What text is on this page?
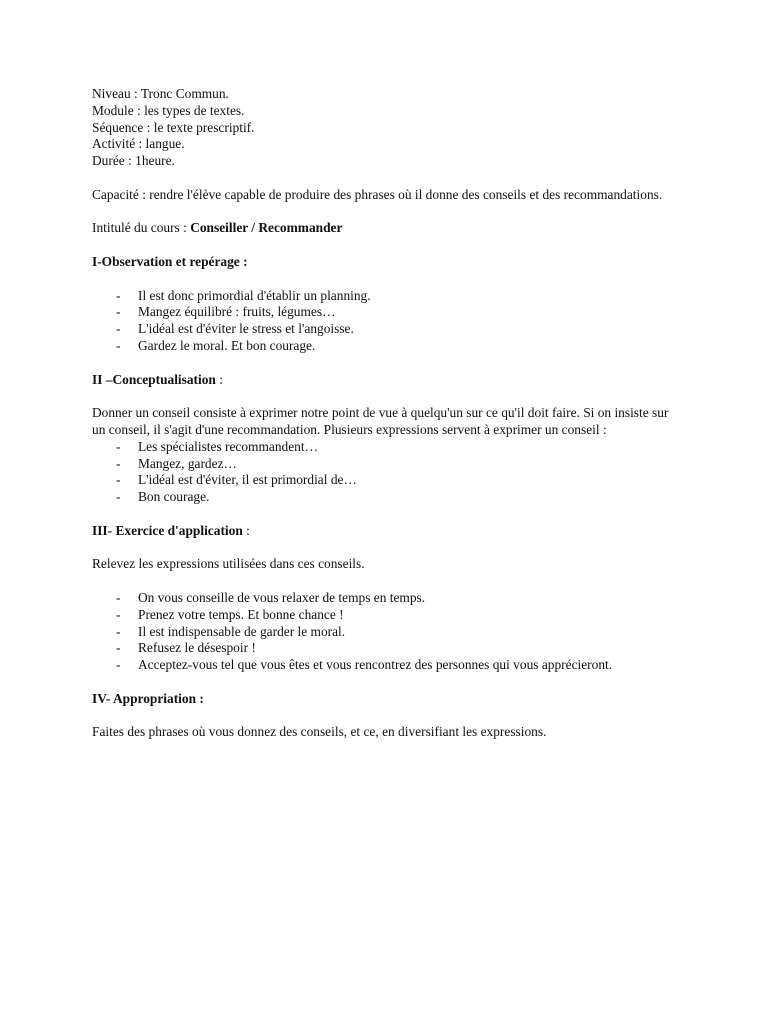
Niveau : Tronc Commun.

Module : les types de textes.

Séquence : le texte prescriptif.

Activité : langue.

Durée : 1heure.

Capacité : rendre l'élève capable de produire des phrases où il donne des conseils et des recommandations.

Intitulé du cours : Conseiller / Recommander

I-Observation et repérage :

- Il est donc primordial d'établir un planning.
- Mangez équilibré : fruits, légumes…
- L'idéal est d'éviter le stress et l'angoisse.
- Gardez le moral. Et bon courage.

II –Conceptualisation :

Donner un conseil consiste à exprimer notre point de vue à quelqu'un sur ce qu'il doit faire. Si on insiste sur un conseil, il s'agit d'une recommandation. Plusieurs expressions servent à exprimer un conseil :

- Les spécialistes recommandent…
- Mangez, gardez…
- L'idéal est d'éviter, il est primordial de…
- Bon courage.

III- Exercice d'application :

Relevez les expressions utilisées dans ces conseils.

- On vous conseille de vous relaxer de temps en temps.
- Prenez votre temps. Et bonne chance !
- Il est indispensable de garder le moral.
- Refusez le désespoir !
- Acceptez-vous tel que vous êtes et vous rencontrez des personnes qui vous apprécieront.

IV- Appropriation :

Faites des phrases où vous donnez des conseils, et ce, en diversifiant les expressions.
